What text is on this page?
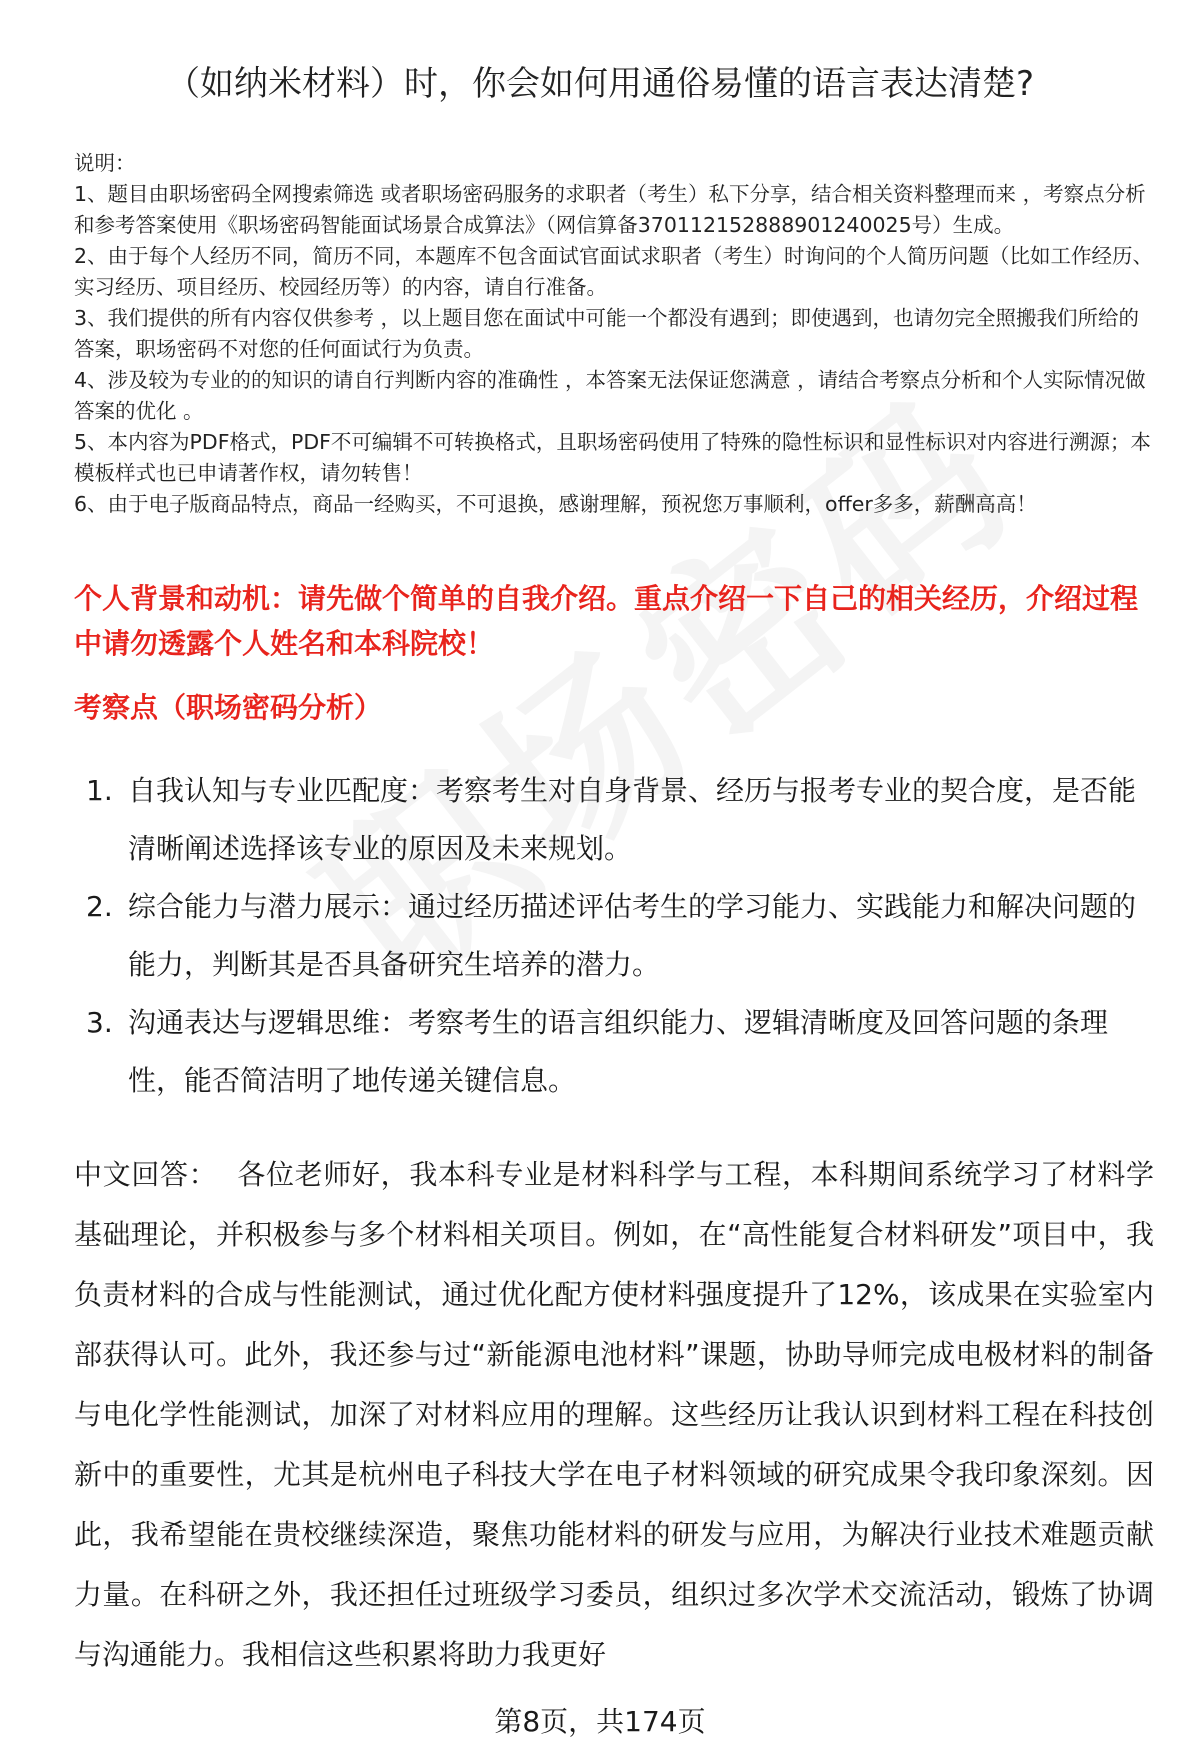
（如纳米材料）时，你会如何用通俗易懂的语言表达清楚?

说明：

1、题目由职场密码全网搜索筛选 或者职场密码服务的求职者（考生）私下分享，结合相关资料整理而来 ，考察点分析和参考答案使用《职场密码智能面试场景合成算法》（网信算备370112152888901240025号）生成。

2、由于每个人经历不同，简历不同，本题库不包含面试官面试求职者（考生）时询问的个人简历问题（比如工作经历、实习经历、项目经历、校园经历等）的内容，请自行准备。

3、我们提供的所有内容仅供参考 ，以上题目您在面试中可能一个都没有遇到；即使遇到，也请勿完全照搬我们所给的答案，职场密码不对您的任何面试行为负责。

4、涉及较为专业的的知识的请自行判断内容的准确性 ，本答案无法保证您满意 ，请结合考察点分析和个人实际情况做答案的优化 。

5、本内容为PDF格式，PDF不可编辑不可转换格式，且职场密码使用了特殊的隐性标识和显性标识对内容进行溯源；本模板样式也已申请著作权，请勿转售！

6、由于电子版商品特点，商品一经购买，不可退换，感谢理解，预祝您万事顺利，offer多多，薪酬高高！

个人背景和动机：请先做个简单的自我介绍。重点介绍一下自己的相关经历，介绍过程中请勿透露个人姓名和本科院校！

考察点（职场密码分析）

1. 自我认知与专业匹配度：考察考生对自身背景、经历与报考专业的契合度，是否能清晰阐述选择该专业的原因及未来规划。
2. 综合能力与潜力展示：通过经历描述评估考生的学习能力、实践能力和解决问题的能力，判断其是否具备研究生培养的潜力。
3. 沟通表达与逻辑思维：考察考生的语言组织能力、逻辑清晰度及回答问题的条理性，能否简洁明了地传递关键信息。

中文回答： 各位老师好，我本科专业是材料科学与工程，本科期间系统学习了材料学基础理论，并积极参与多个材料相关项目。例如，在“高性能复合材料研发”项目中，我负责材料的合成与性能测试，通过优化配方使材料强度提升了12%，该成果在实验室内部获得认可。此外，我还参与过“新能源电池材料”课题，协助导师完成电极材料的制备与电化学性能测试，加深了对材料应用的理解。这些经历让我认识到材料工程在科技创新中的重要性，尤其是杭州电子科技大学在电子材料领域的研究成果令我印象深刻。因此，我希望能在贵校继续深造，聚焦功能材料的研发与应用，为解决行业技术难题贡献力量。在科研之外，我还担任过班级学习委员，组织过多次学术交流活动，锻炼了协调与沟通能力。我相信这些积累将助力我更好

第8页，共174页
